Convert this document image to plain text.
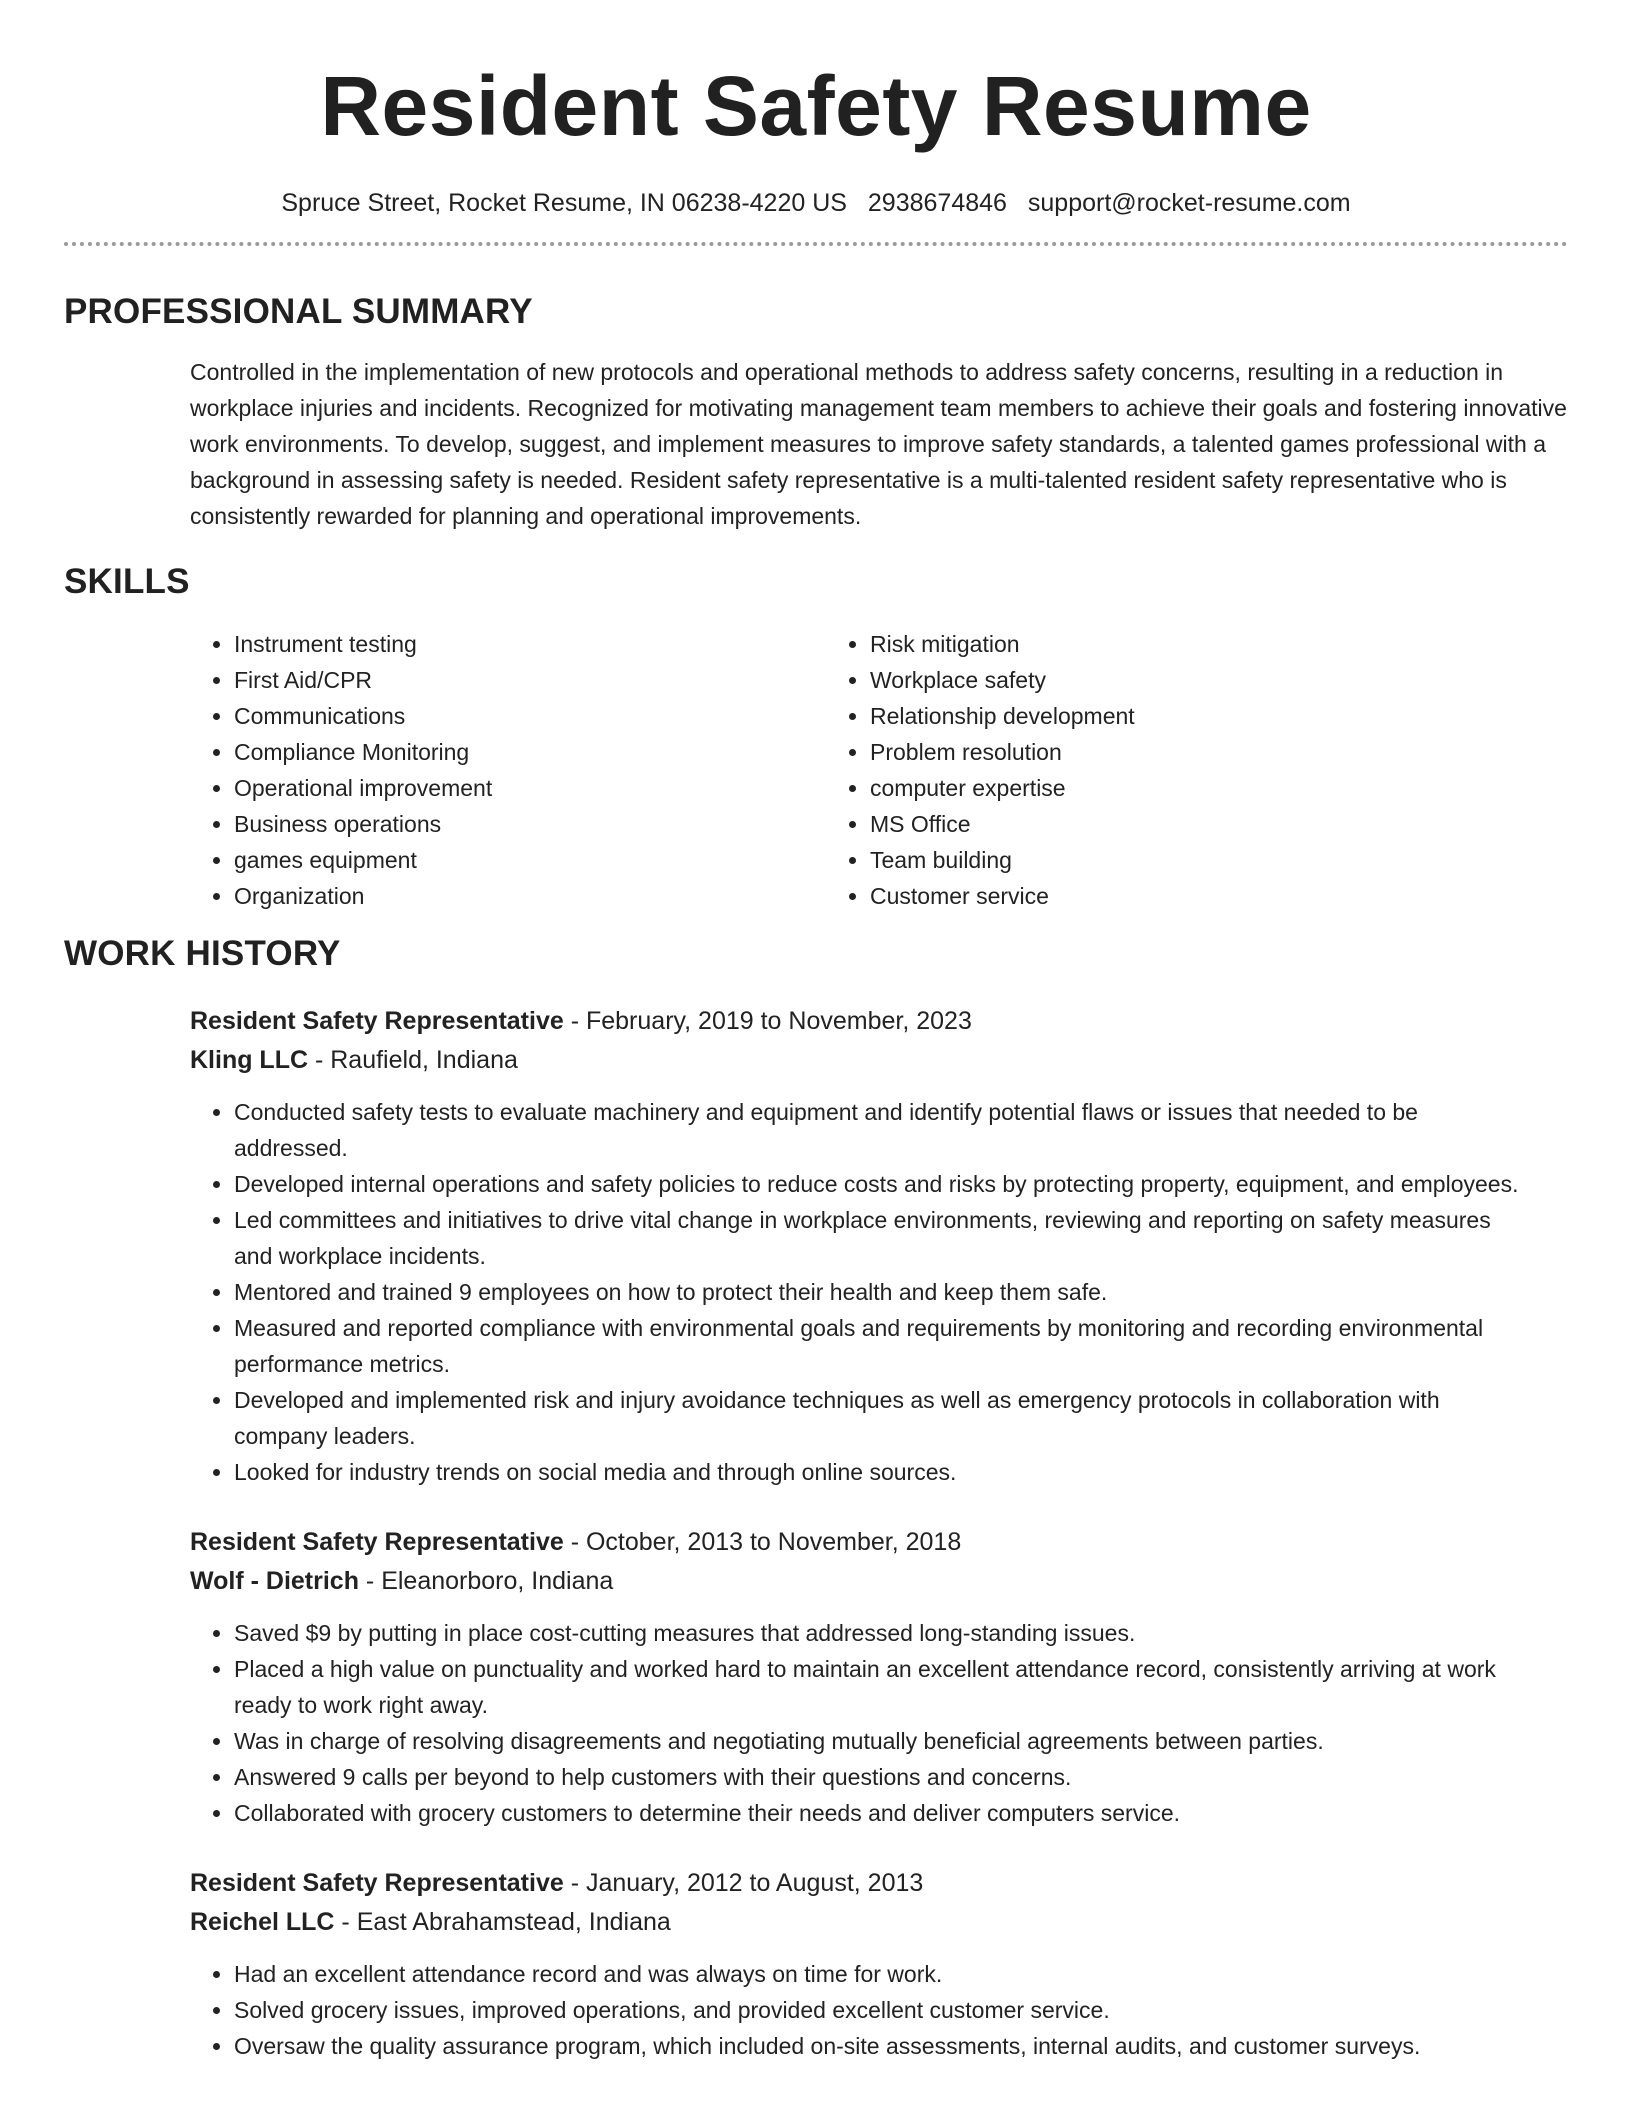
Resident Safety Resume
Spruce Street, Rocket Resume, IN 06238-4220 US 2938674846 support@rocket-resume.com
PROFESSIONAL SUMMARY

Controlled in the implementation of new protocols and operational methods to address safety concerns, resulting in a reduction in workplace injuries and incidents. Recognized for motivating management team members to achieve their goals and fostering innovative work environments. To develop, suggest, and implement measures to improve safety standards, a talented games professional with a background in assessing safety is needed. Resident safety representative is a multi-talented resident safety representative who is consistently rewarded for planning and operational improvements.

SKILLS
• Instrument testing
• First Aid/CPR
• Communications
• Compliance Monitoring
• Operational improvement
• Business operations
• games equipment
• Organization
• Risk mitigation
• Workplace safety
• Relationship development
• Problem resolution
• computer expertise
• MS Office
• Team building
• Customer service
WORK HISTORY
Resident Safety Representative - February, 2019 to November, 2023
Kling LLC - Raufield, Indiana
• Conducted safety tests to evaluate machinery and equipment and identify potential flaws or issues that needed to be addressed.
• Developed internal operations and safety policies to reduce costs and risks by protecting property, equipment, and employees.
• Led committees and initiatives to drive vital change in workplace environments, reviewing and reporting on safety measures and workplace incidents.
• Mentored and trained 9 employees on how to protect their health and keep them safe.
• Measured and reported compliance with environmental goals and requirements by monitoring and recording environmental performance metrics.
• Developed and implemented risk and injury avoidance techniques as well as emergency protocols in collaboration with company leaders.
• Looked for industry trends on social media and through online sources.
Resident Safety Representative - October, 2013 to November, 2018
Wolf - Dietrich - Eleanorboro, Indiana
• Saved $9 by putting in place cost-cutting measures that addressed long-standing issues.
• Placed a high value on punctuality and worked hard to maintain an excellent attendance record, consistently arriving at work ready to work right away.
• Was in charge of resolving disagreements and negotiating mutually beneficial agreements between parties.
• Answered 9 calls per beyond to help customers with their questions and concerns.
• Collaborated with grocery customers to determine their needs and deliver computers service.
Resident Safety Representative - January, 2012 to August, 2013
Reichel LLC - East Abrahamstead, Indiana
• Had an excellent attendance record and was always on time for work.
• Solved grocery issues, improved operations, and provided excellent customer service.
• Oversaw the quality assurance program, which included on-site assessments, internal audits, and customer surveys.
